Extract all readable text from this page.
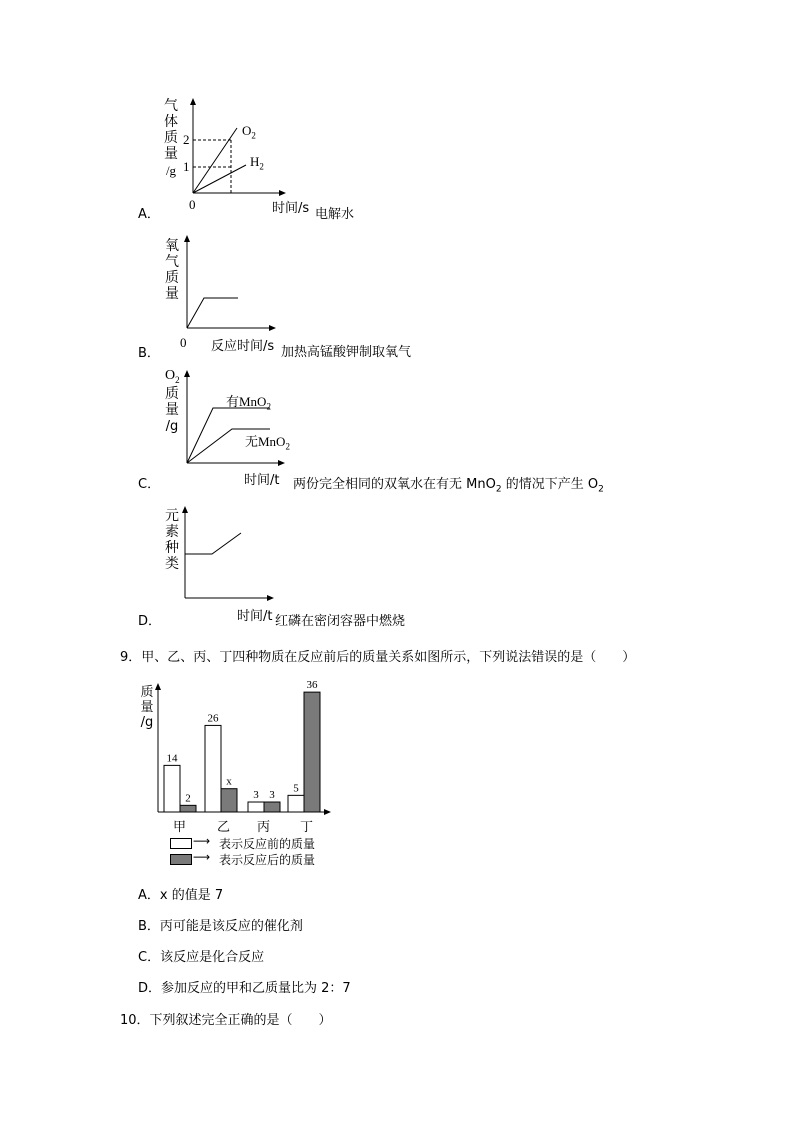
气
体
质
量
/g
2
1
0
$O_2$
$H_2$
时间/s
A．	电解水
氧
气
质
量
0 反应时间/s
B．	加热高锰酸钾制取氧气
$O_2$
质
量
/g
有MnO$_2$
无MnO$_2$
时间/t
C．	两份完全相同的双氧水在有无 MnO$_2$ 的情况下产生 $O_2$
元
素
种
类
时间/t
D．	红磷在密闭容器中燃烧
9．甲、乙、丙、丁四种物质在反应前后的质量关系如图所示，下列说法错误的是（　　）
质
量
/g
14
2
26
x
3 3
5
36
甲 乙 丙 丁
⟶ 表示反应前的质量
⟶ 表示反应后的质量
A．x 的值是 7
B．丙可能是该反应的催化剂
C．该反应是化合反应
D．参加反应的甲和乙质量比为 2：7
10．下列叙述完全正确的是（　　）
